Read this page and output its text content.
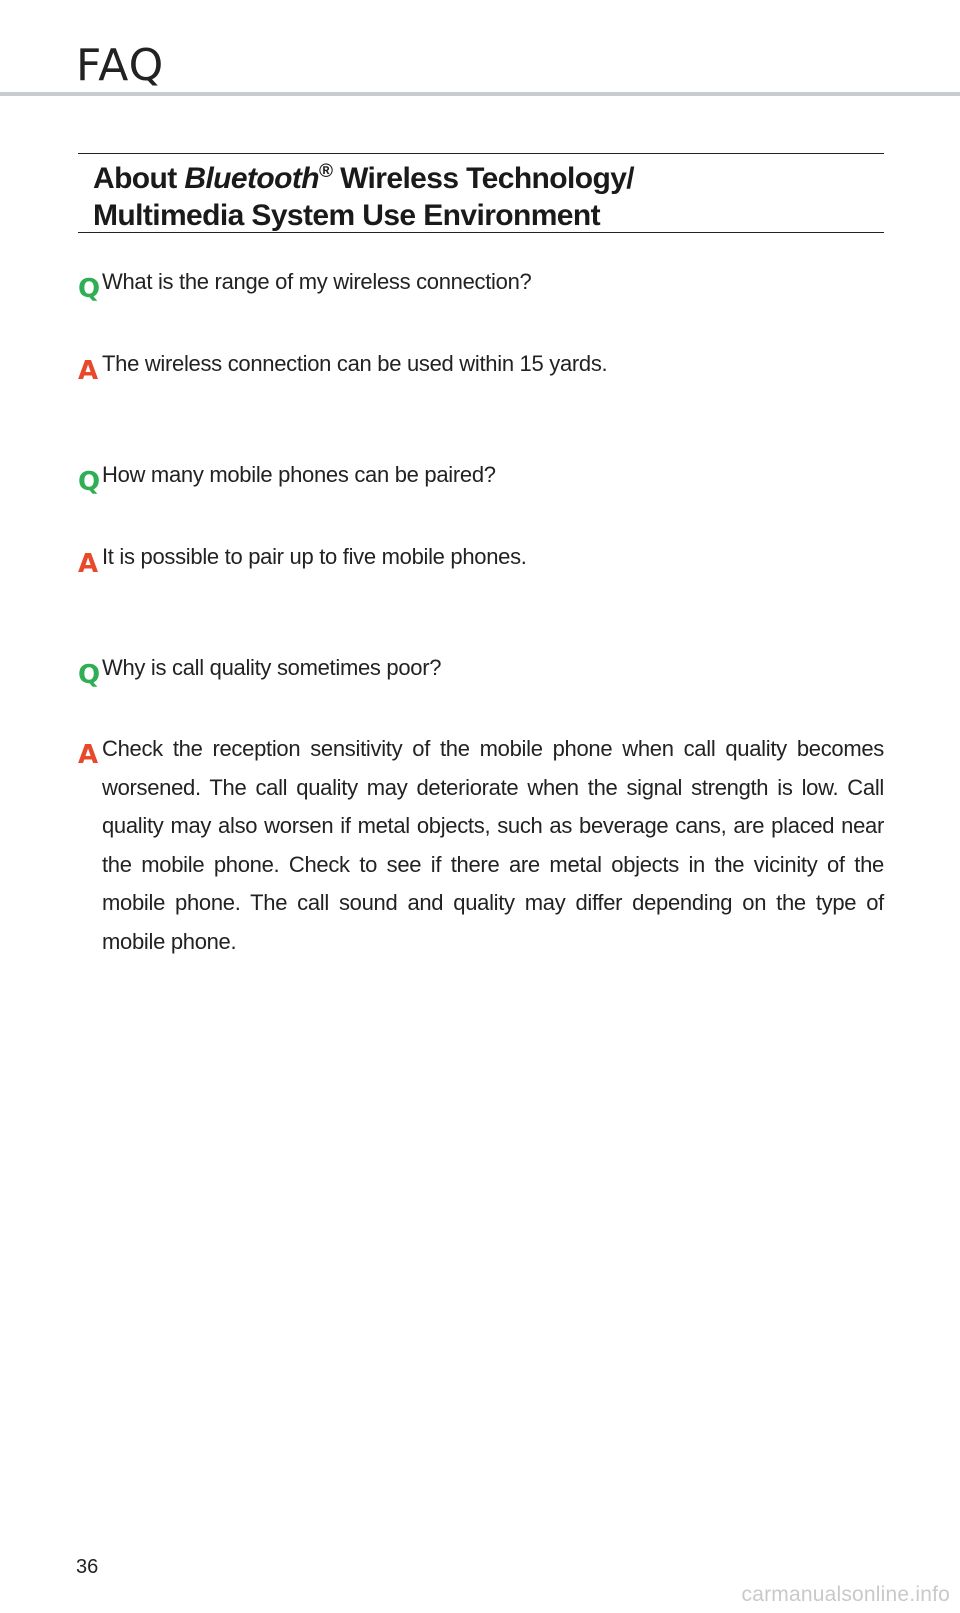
FAQ
About Bluetooth® Wireless Technology/
Multimedia System Use Environment
Q What is the range of my wireless connection?
A The wireless connection can be used within 15 yards.
Q How many mobile phones can be paired?
A It is possible to pair up to five mobile phones.
Q Why is call quality sometimes poor?
A Check the reception sensitivity of the mobile phone when call quality becomes worsened. The call quality may deteriorate when the signal strength is low. Call quality may also worsen if metal objects, such as beverage cans, are placed near the mobile phone. Check to see if there are metal objects in the vicinity of the mobile phone. The call sound and quality may differ depending on the type of mobile phone.
36
carmanualsonline.info
